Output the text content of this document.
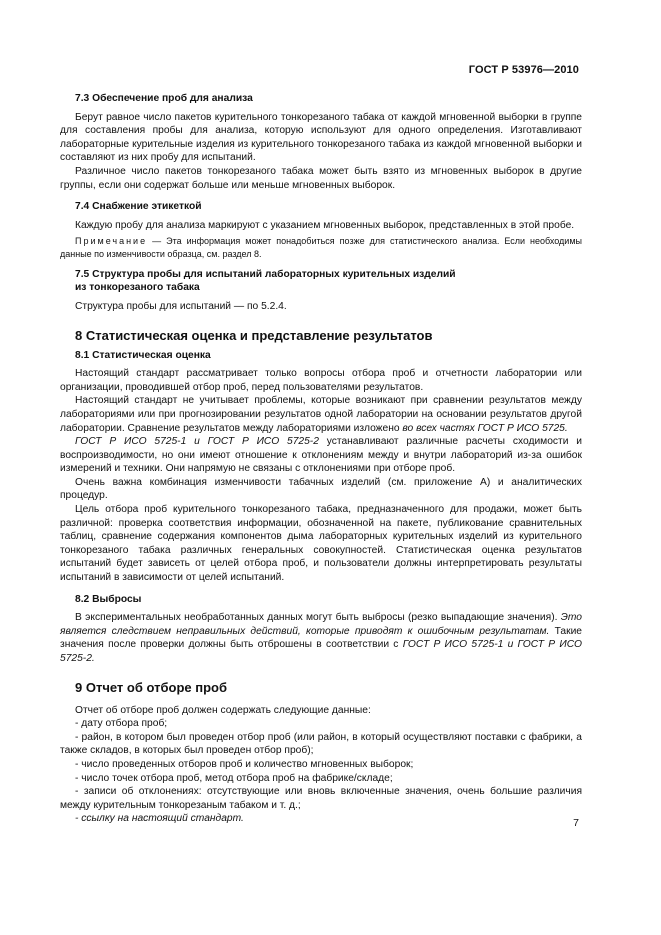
ГОСТ Р 53976—2010
7.3 Обеспечение проб для анализа

Берут равное число пакетов курительного тонкорезаного табака от каждой мгновенной выборки в группе для составления пробы для анализа, которую используют для одного определения. Изготавливают лабораторные курительные изделия из курительного тонкорезаного табака из каждой мгновенной выборки и составляют из них пробу для испытаний.

Различное число пакетов тонкорезаного табака может быть взято из мгновенных выборок в другие группы, если они содержат больше или меньше мгновенных выборок.

7.4 Снабжение этикеткой

Каждую пробу для анализа маркируют с указанием мгновенных выборок, представленных в этой пробе.

Примечание — Эта информация может понадобиться позже для статистического анализа. Если необходимы данные по изменчивости образца, см. раздел 8.
7.5 Структура пробы для испытаний лабораторных курительных изделий
из тонкорезаного табака

Структура пробы для испытаний — по 5.2.4.

8 Статистическая оценка и представление результатов
8.1 Статистическая оценка

Настоящий стандарт рассматривает только вопросы отбора проб и отчетности лаборатории или организации, проводившей отбор проб, перед пользователями результатов.

Настоящий стандарт не учитывает проблемы, которые возникают при сравнении результатов между лабораториями или при прогнозировании результатов одной лаборатории на основании результатов другой лаборатории. Сравнение результатов между лабораториями изложено во всех частях ГОСТ Р ИСО 5725.

ГОСТ Р ИСО 5725-1 и ГОСТ Р ИСО 5725-2 устанавливают различные расчеты сходимости и воспроизводимости, но они имеют отношение к отклонениям между и внутри лабораторий из-за ошибок измерений и техники. Они напрямую не связаны с отклонениями при отборе проб.

Очень важна комбинация изменчивости табачных изделий (см. приложение А) и аналитических процедур.

Цель отбора проб курительного тонкорезаного табака, предназначенного для продажи, может быть различной: проверка соответствия информации, обозначенной на пакете, публикование сравнительных таблиц, сравнение содержания компонентов дыма лабораторных курительных изделий из курительного тонкорезаного табака различных генеральных совокупностей. Статистическая оценка результатов испытаний будет зависеть от целей отбора проб, и пользователи должны интерпретировать результаты испытаний в зависимости от целей испытаний.

8.2 Выбросы

В экспериментальных необработанных данных могут быть выбросы (резко выпадающие значения). Это является следствием неправильных действий, которые приводят к ошибочным результатам. Такие значения после проверки должны быть отброшены в соответствии с ГОСТ Р ИСО 5725-1 и ГОСТ Р ИСО 5725-2.

9 Отчет об отборе проб

Отчет об отборе проб должен содержать следующие данные:

- дату отбора проб;
- район, в котором был проведен отбор проб (или район, в который осуществляют поставки с фабрики, а также складов, в которых был проведен отбор проб);
- число проведенных отборов проб и количество мгновенных выборок;
- число точек отбора проб, метод отбора проб на фабрике/складе;
- записи об отклонениях: отсутствующие или вновь включенные значения, очень большие различия между курительным тонкорезаным табаком и т. д.;
- ссылку на настоящий стандарт.	7
